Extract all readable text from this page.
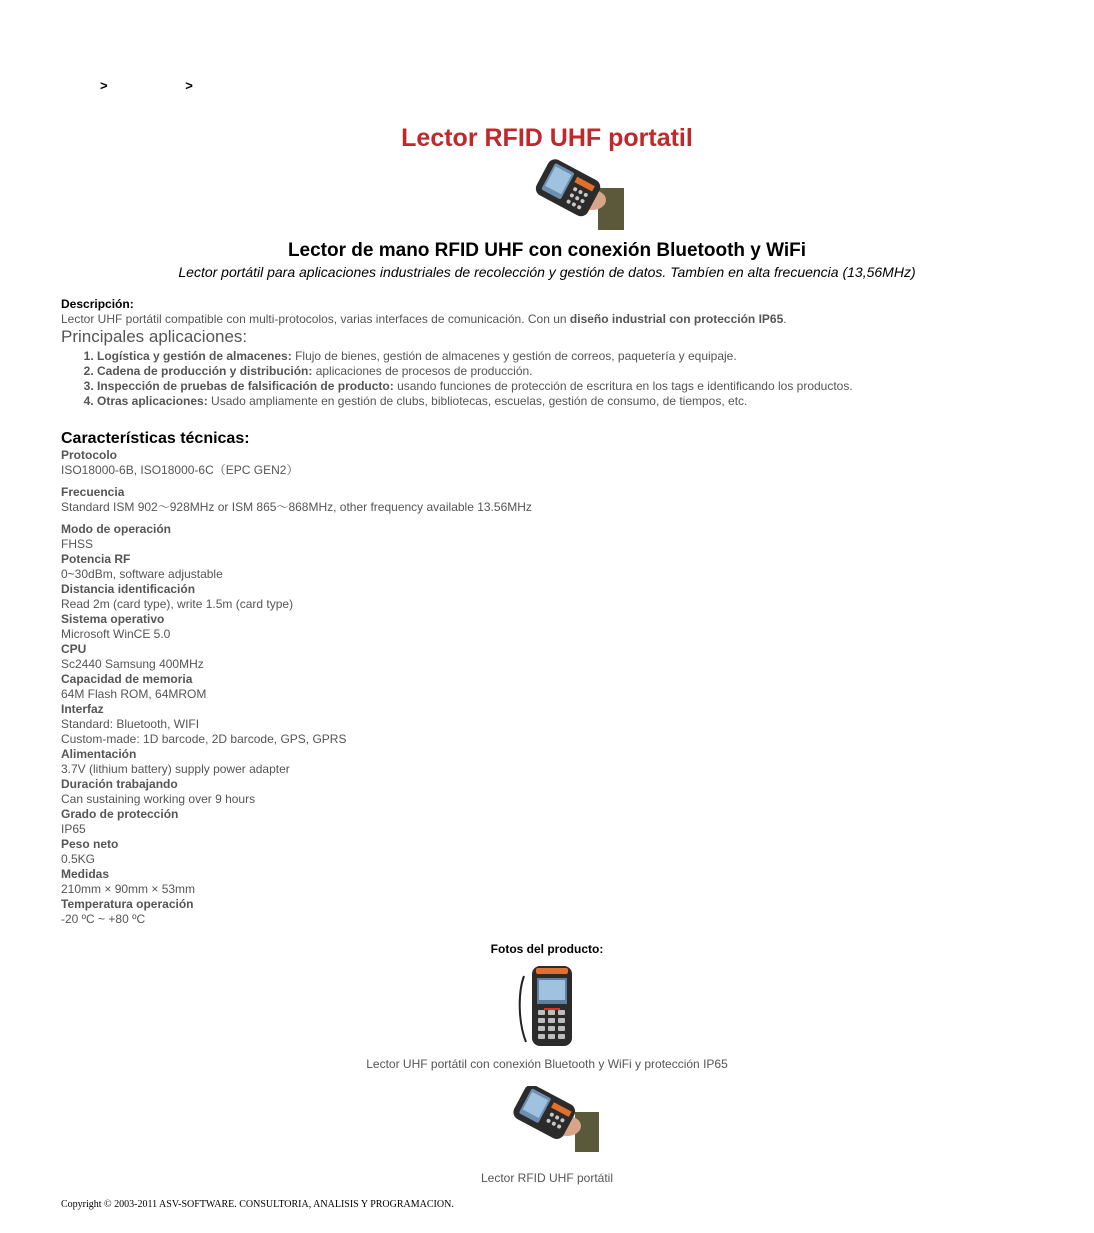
>	>
Lector RFID UHF portatil
Lector de mano RFID UHF con conexión Bluetooth y WiFi
Lector portátil para aplicaciones industriales de recolección y gestión de datos. Tambíen en alta frecuencia (13,56MHz)
Descripción:
Lector UHF portátil compatible con multi-protocolos, varias interfaces de comunicación. Con un diseño industrial con protección IP65.
Principales aplicaciones:
1. Logística y gestión de almacenes: Flujo de bienes, gestión de almacenes y gestión de correos, paquetería y equipaje.
2. Cadena de producción y distribución: aplicaciones de procesos de producción.
3. Inspección de pruebas de falsificación de producto: usando funciones de protección de escritura en los tags e identificando los productos.
4. Otras aplicaciones: Usado ampliamente en gestión de clubs, bibliotecas, escuelas, gestión de consumo, de tiempos, etc.
Características técnicas:
Protocolo
ISO18000-6B, ISO18000-6C（EPC GEN2）
Frecuencia
Standard ISM 902～928MHz or ISM 865～868MHz, other frequency available 13.56MHz
Modo de operación
FHSS
Potencia RF
0~30dBm, software adjustable
Distancia identificación
Read 2m (card type), write 1.5m (card type)
Sistema operativo
Microsoft WinCE 5.0
CPU
Sc2440 Samsung 400MHz
Capacidad de memoria
64M Flash ROM, 64MROM
Interfaz
Standard: Bluetooth, WIFI
Custom-made: 1D barcode, 2D barcode, GPS, GPRS
Alimentación
3.7V (lithium battery) supply power adapter
Duración trabajando
Can sustaining working over 9 hours
Grado de protección
IP65
Peso neto
0.5KG
Medidas
210mm × 90mm × 53mm
Temperatura operación
-20 ºC ~ +80 ºC
Fotos del producto:
Lector UHF portátil con conexión Bluetooth y WiFi y protección IP65
Lector RFID UHF portátil
Copyright © 2003-2011 ASV-SOFTWARE. CONSULTORIA, ANALISIS Y PROGRAMACION.
